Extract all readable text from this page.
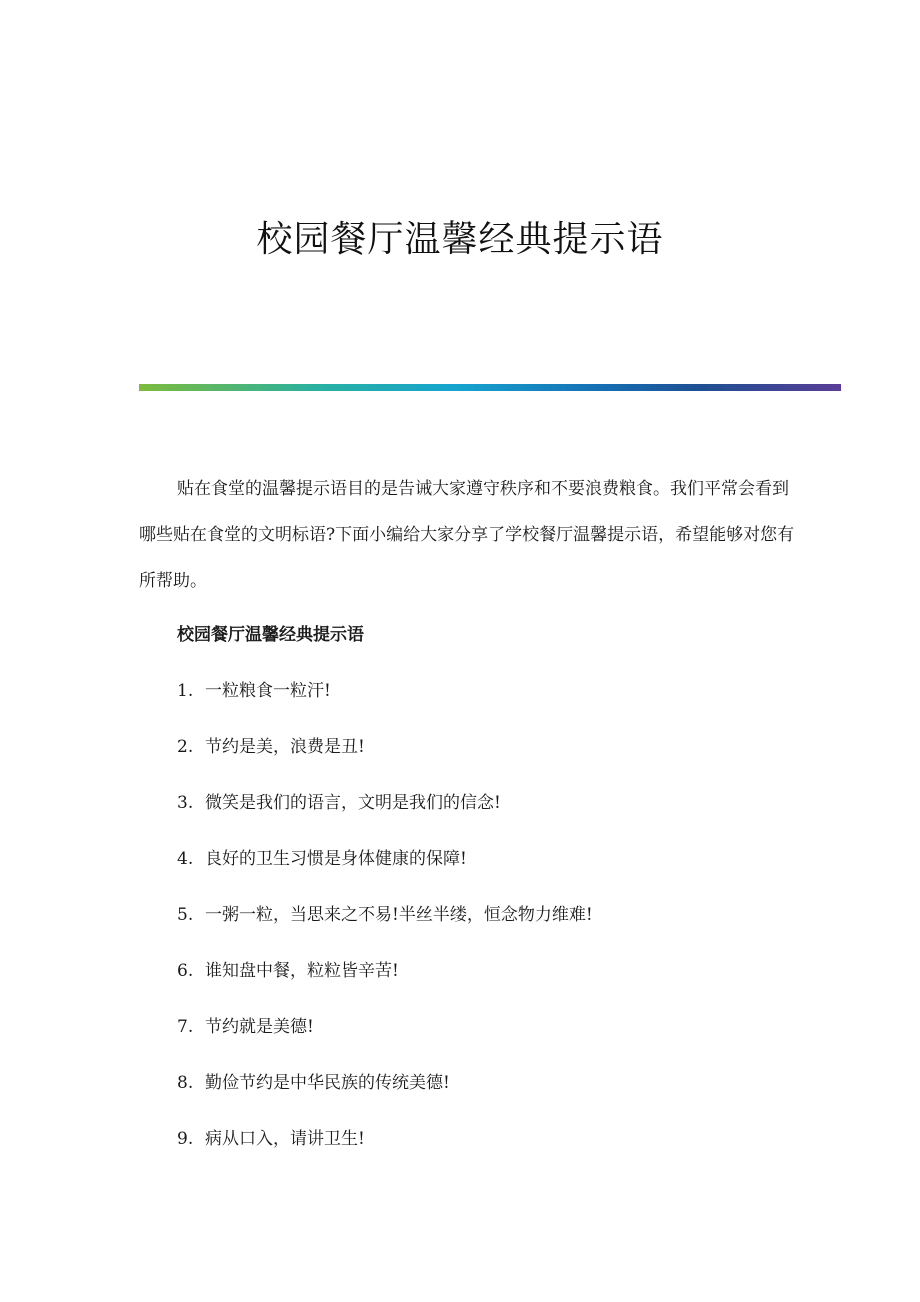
校园餐厅温馨经典提示语

贴在食堂的温馨提示语目的是告诫大家遵守秩序和不要浪费粮食。我们平常会看到哪些贴在食堂的文明标语?下面小编给大家分享了学校餐厅温馨提示语，希望能够对您有所帮助。

校园餐厅温馨经典提示语

1. 一粒粮食一粒汗!
2. 节约是美，浪费是丑!
3. 微笑是我们的语言，文明是我们的信念!
4. 良好的卫生习惯是身体健康的保障!
5. 一粥一粒，当思来之不易!半丝半缕，恒念物力维难!
6. 谁知盘中餐，粒粒皆辛苦!
7. 节约就是美德!
8. 勤俭节约是中华民族的传统美德!
9. 病从口入，请讲卫生!
